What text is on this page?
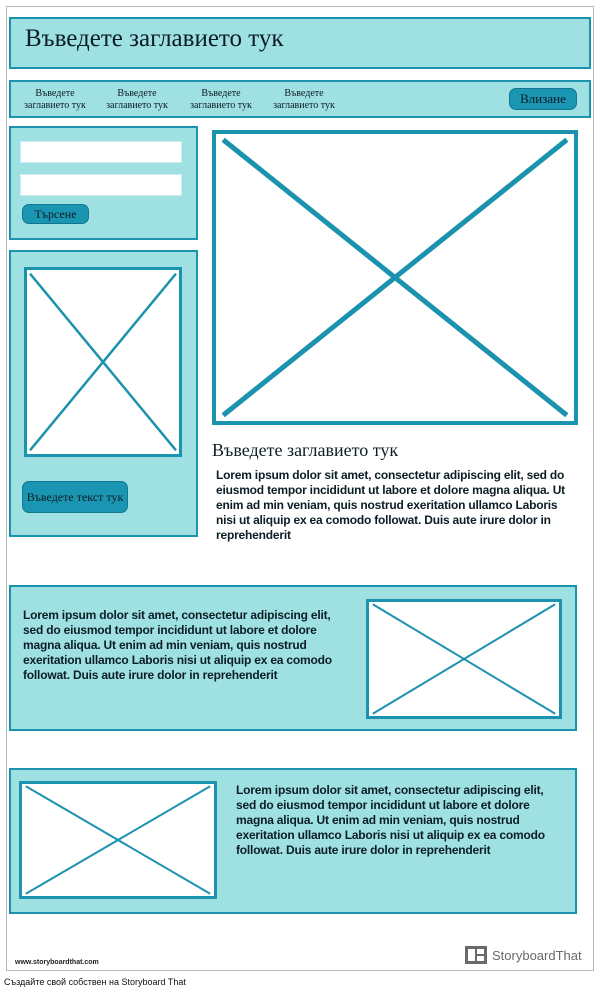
Въведете заглавието тук
Въведете заглавието тук
Въведете заглавието тук
Въведете заглавието тук
Въведете заглавието тук	Влизане
Търсене
Въведете текст тук
Въведете заглавието тук
Lorem ipsum dolor sit amet, consectetur adipiscing elit, sed do eiusmod tempor incididunt ut labore et dolore magna aliqua. Ut enim ad min veniam, quis nostrud exeritation ullamco Laboris nisi ut aliquip ex ea comodo followat. Duis aute irure dolor in reprehenderit
Lorem ipsum dolor sit amet, consectetur adipiscing elit, sed do eiusmod tempor incididunt ut labore et dolore magna aliqua. Ut enim ad min veniam, quis nostrud exeritation ullamco Laboris nisi ut aliquip ex ea comodo followat. Duis aute irure dolor in reprehenderit
Lorem ipsum dolor sit amet, consectetur adipiscing elit, sed do eiusmod tempor incididunt ut labore et dolore magna aliqua. Ut enim ad min veniam, quis nostrud exeritation ullamco Laboris nisi ut aliquip ex ea comodo followat. Duis aute irure dolor in reprehenderit
www.storyboardthat.com	StoryboardThat
Създайте свой собствен на Storyboard That
